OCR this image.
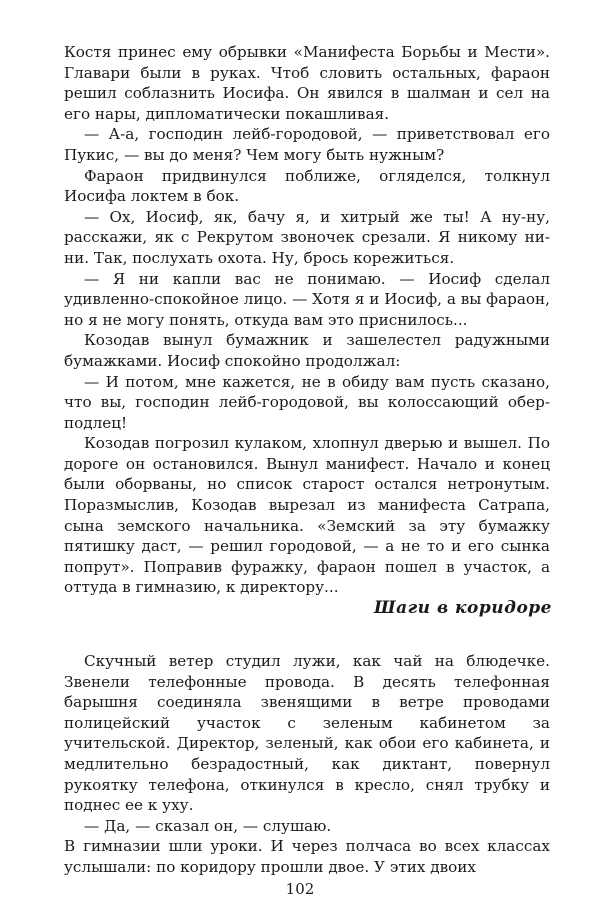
Костя принес ему обрывки «Манифеста Борьбы и Мести». Главари были в руках. Чтоб словить остальных, фараон решил соблазнить Иосифа. Он явился в шалман и сел на его нары, дипломатически покашливая.

— А-а, господин лейб-городовой, — приветствовал его Пукис, — вы до меня? Чем могу быть нужным?

Фараон придвинулся поближе, огляделся, толкнул Иосифа локтем в бок.

— Ох, Иосиф, як, бачу я, и хитрый же ты! А ну-ну, расскажи, як с Рекрутом звоночек срезали. Я никому ни-ни. Так, послухать охота. Ну, брось корежиться.

— Я ни капли вас не понимаю. — Иосиф сделал удивленно-спокойное лицо. — Хотя я и Иосиф, а вы фараон, но я не могу понять, откуда вам это приснилось...

Козодав вынул бумажник и зашелестел радужными бумажками. Иосиф спокойно продолжал:

— И потом, мне кажется, не в обиду вам пусть сказано, что вы, господин лейб-городовой, вы колоссающий обер-подлец!

Козодав погрозил кулаком, хлопнул дверью и вышел. По дороге он остановился. Вынул манифест. Начало и конец были оборваны, но список старост остался нетронутым. Поразмыслив, Козодав вырезал из манифеста Сатрапа, сына земского начальника. «Земский за эту бумажку пятишку даст, — решил городовой, — а не то и его сынка попрут». Поправив фуражку, фараон пошел в участок, а оттуда в гимназию, к директору...

Шаги в коридоре

Скучный ветер студил лужи, как чай на блюдечке. Звенели телефонные провода. В десять телефонная барышня соединяла звенящими в ветре проводами полицейский участок с зеленым кабинетом за учительской. Директор, зеленый, как обои его кабинета, и медлительно безрадостный, как диктант, повернул рукоятку телефона, откинулся в кресло, снял трубку и поднес ее к уху.

— Да, — сказал он, — слушаю.

В гимназии шли уроки. И через полчаса во всех классах услышали: по коридору прошли двое. У этих двоих

102
